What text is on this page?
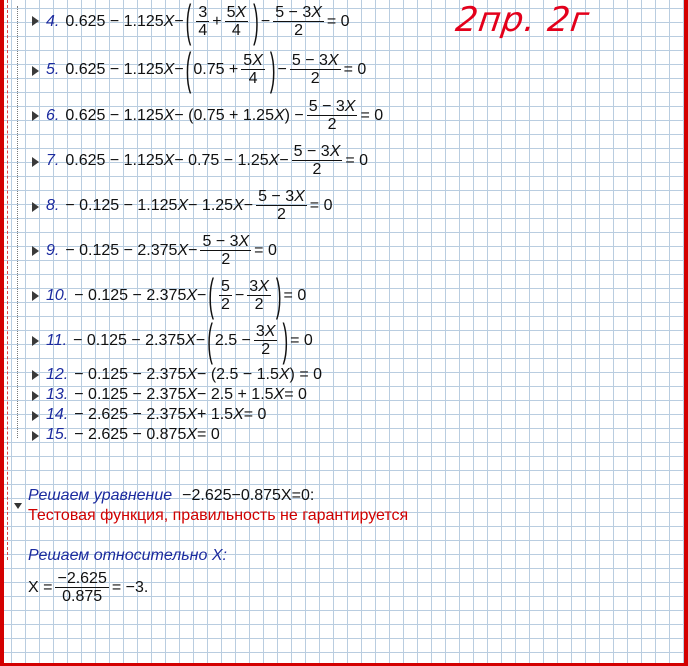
2пр. 2г
4. 0.625 − 1.125 X − ( $\frac{3}{4} + \frac{5X}{4}$ ) − $\frac{5 - 3X}{2} = 0$
5. 0.625 − 1.125 X − ( $0.75 + \frac{5X}{4}$ ) − $\frac{5 - 3X}{2} = 0$
6. 0.625 − 1.125 X − (0.75 + 1.25 X ) − $\frac{5 - 3X}{2} = 0$
7. 0.625 − 1.125 X − 0.75 − 1.25 $X - \frac{5 - 3X}{2} = 0$
8. − 0.125 − 1.125 X − 1.25 $X - \frac{5 - 3X}{2} = 0$
9. − 0.125 − 2.375 $X - \frac{5 - 3X}{2} = 0$
10. − 0.125 − 2.375 X − ( $\frac{5}{2} - \frac{3X}{2}$ ) = 0
11. − 0.125 − 2.375 X − ( $2.5 - \frac{3X}{2}$ ) = 0
12. − 0.125 − 2.375 X − (2.5 − 1.5 X ) = 0
13. − 0.125 − 2.375 X − 2.5 + 1.5 X = 0
14. − 2.625 − 2.375 X + 1.5 X = 0
15. − 2.625 − 0.875 X = 0
Решаем уравнение −2.625−0.875X=0:
Тестовая функция, правильность не гарантируется
Решаем относительно X:
$X = \frac{-2.625}{0.875} = -3$.
